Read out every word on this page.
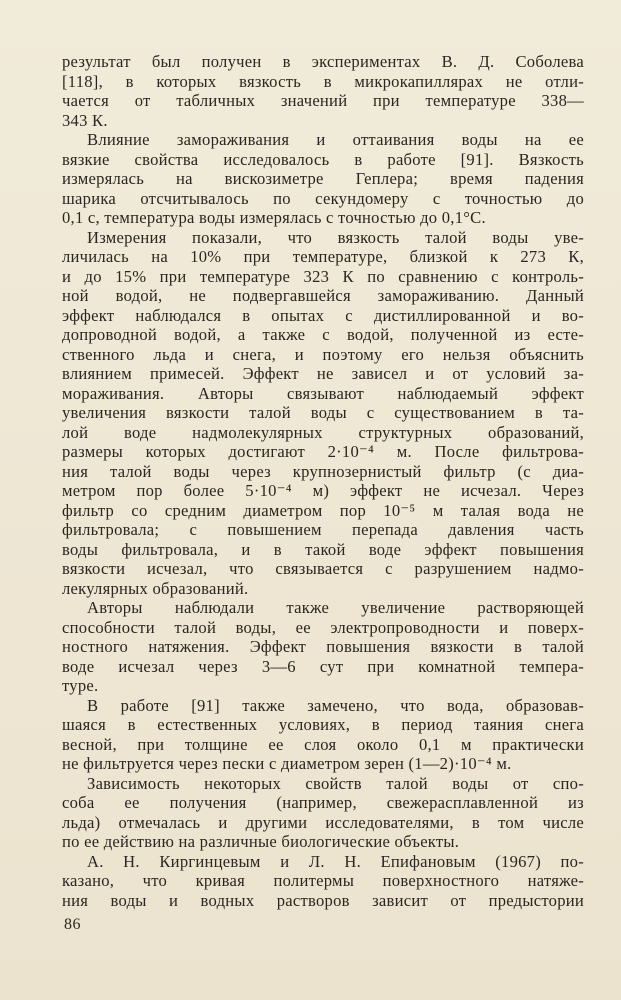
результат был получен в экспериментах В. Д. Соболева
[118], в которых вязкость в микрокапиллярах не отли-
чается от табличных значений при температуре 338—
343 К.
Влияние замораживания и оттаивания воды на ее
вязкие свойства исследовалось в работе [91]. Вязкость
измерялась на вискозиметре Геплера; время падения
шарика отсчитывалось по секундомеру с точностью до
0,1 с, температура воды измерялась с точностью до 0,1°С.
Измерения показали, что вязкость талой воды уве-
личилась на 10% при температуре, близкой к 273 К,
и до 15% при температуре 323 К по сравнению с контроль-
ной водой, не подвергавшейся замораживанию. Данный
эффект наблюдался в опытах с дистиллированной и во-
допроводной водой, а также с водой, полученной из есте-
ственного льда и снега, и поэтому его нельзя объяснить
влиянием примесей. Эффект не зависел и от условий за-
мораживания. Авторы связывают наблюдаемый эффект
увеличения вязкости талой воды с существованием в та-
лой воде надмолекулярных структурных образований,
размеры которых достигают 2·10⁻⁴ м. После фильтрова-
ния талой воды через крупнозернистый фильтр (с диа-
метром пор более 5·10⁻⁴ м) эффект не исчезал. Через
фильтр со средним диаметром пор 10⁻⁵ м талая вода не
фильтровала; с повышением перепада давления часть
воды фильтровала, и в такой воде эффект повышения
вязкости исчезал, что связывается с разрушением надмо-
лекулярных образований.
Авторы наблюдали также увеличение растворяющей
способности талой воды, ее электропроводности и поверх-
ностного натяжения. Эффект повышения вязкости в талой
воде исчезал через 3—6 сут при комнатной темпера-
туре.
В работе [91] также замечено, что вода, образовав-
шаяся в естественных условиях, в период таяния снега
весной, при толщине ее слоя около 0,1 м практически
не фильтруется через пески с диаметром зерен (1—2)·10⁻⁴ м.
Зависимость некоторых свойств талой воды от спо-
соба ее получения (например, свежерасплавленной из
льда) отмечалась и другими исследователями, в том числе
по ее действию на различные биологические объекты.
А. Н. Киргинцевым и Л. Н. Епифановым (1967) по-
казано, что кривая политермы поверхностного натяже-
ния воды и водных растворов зависит от предыстории
86
